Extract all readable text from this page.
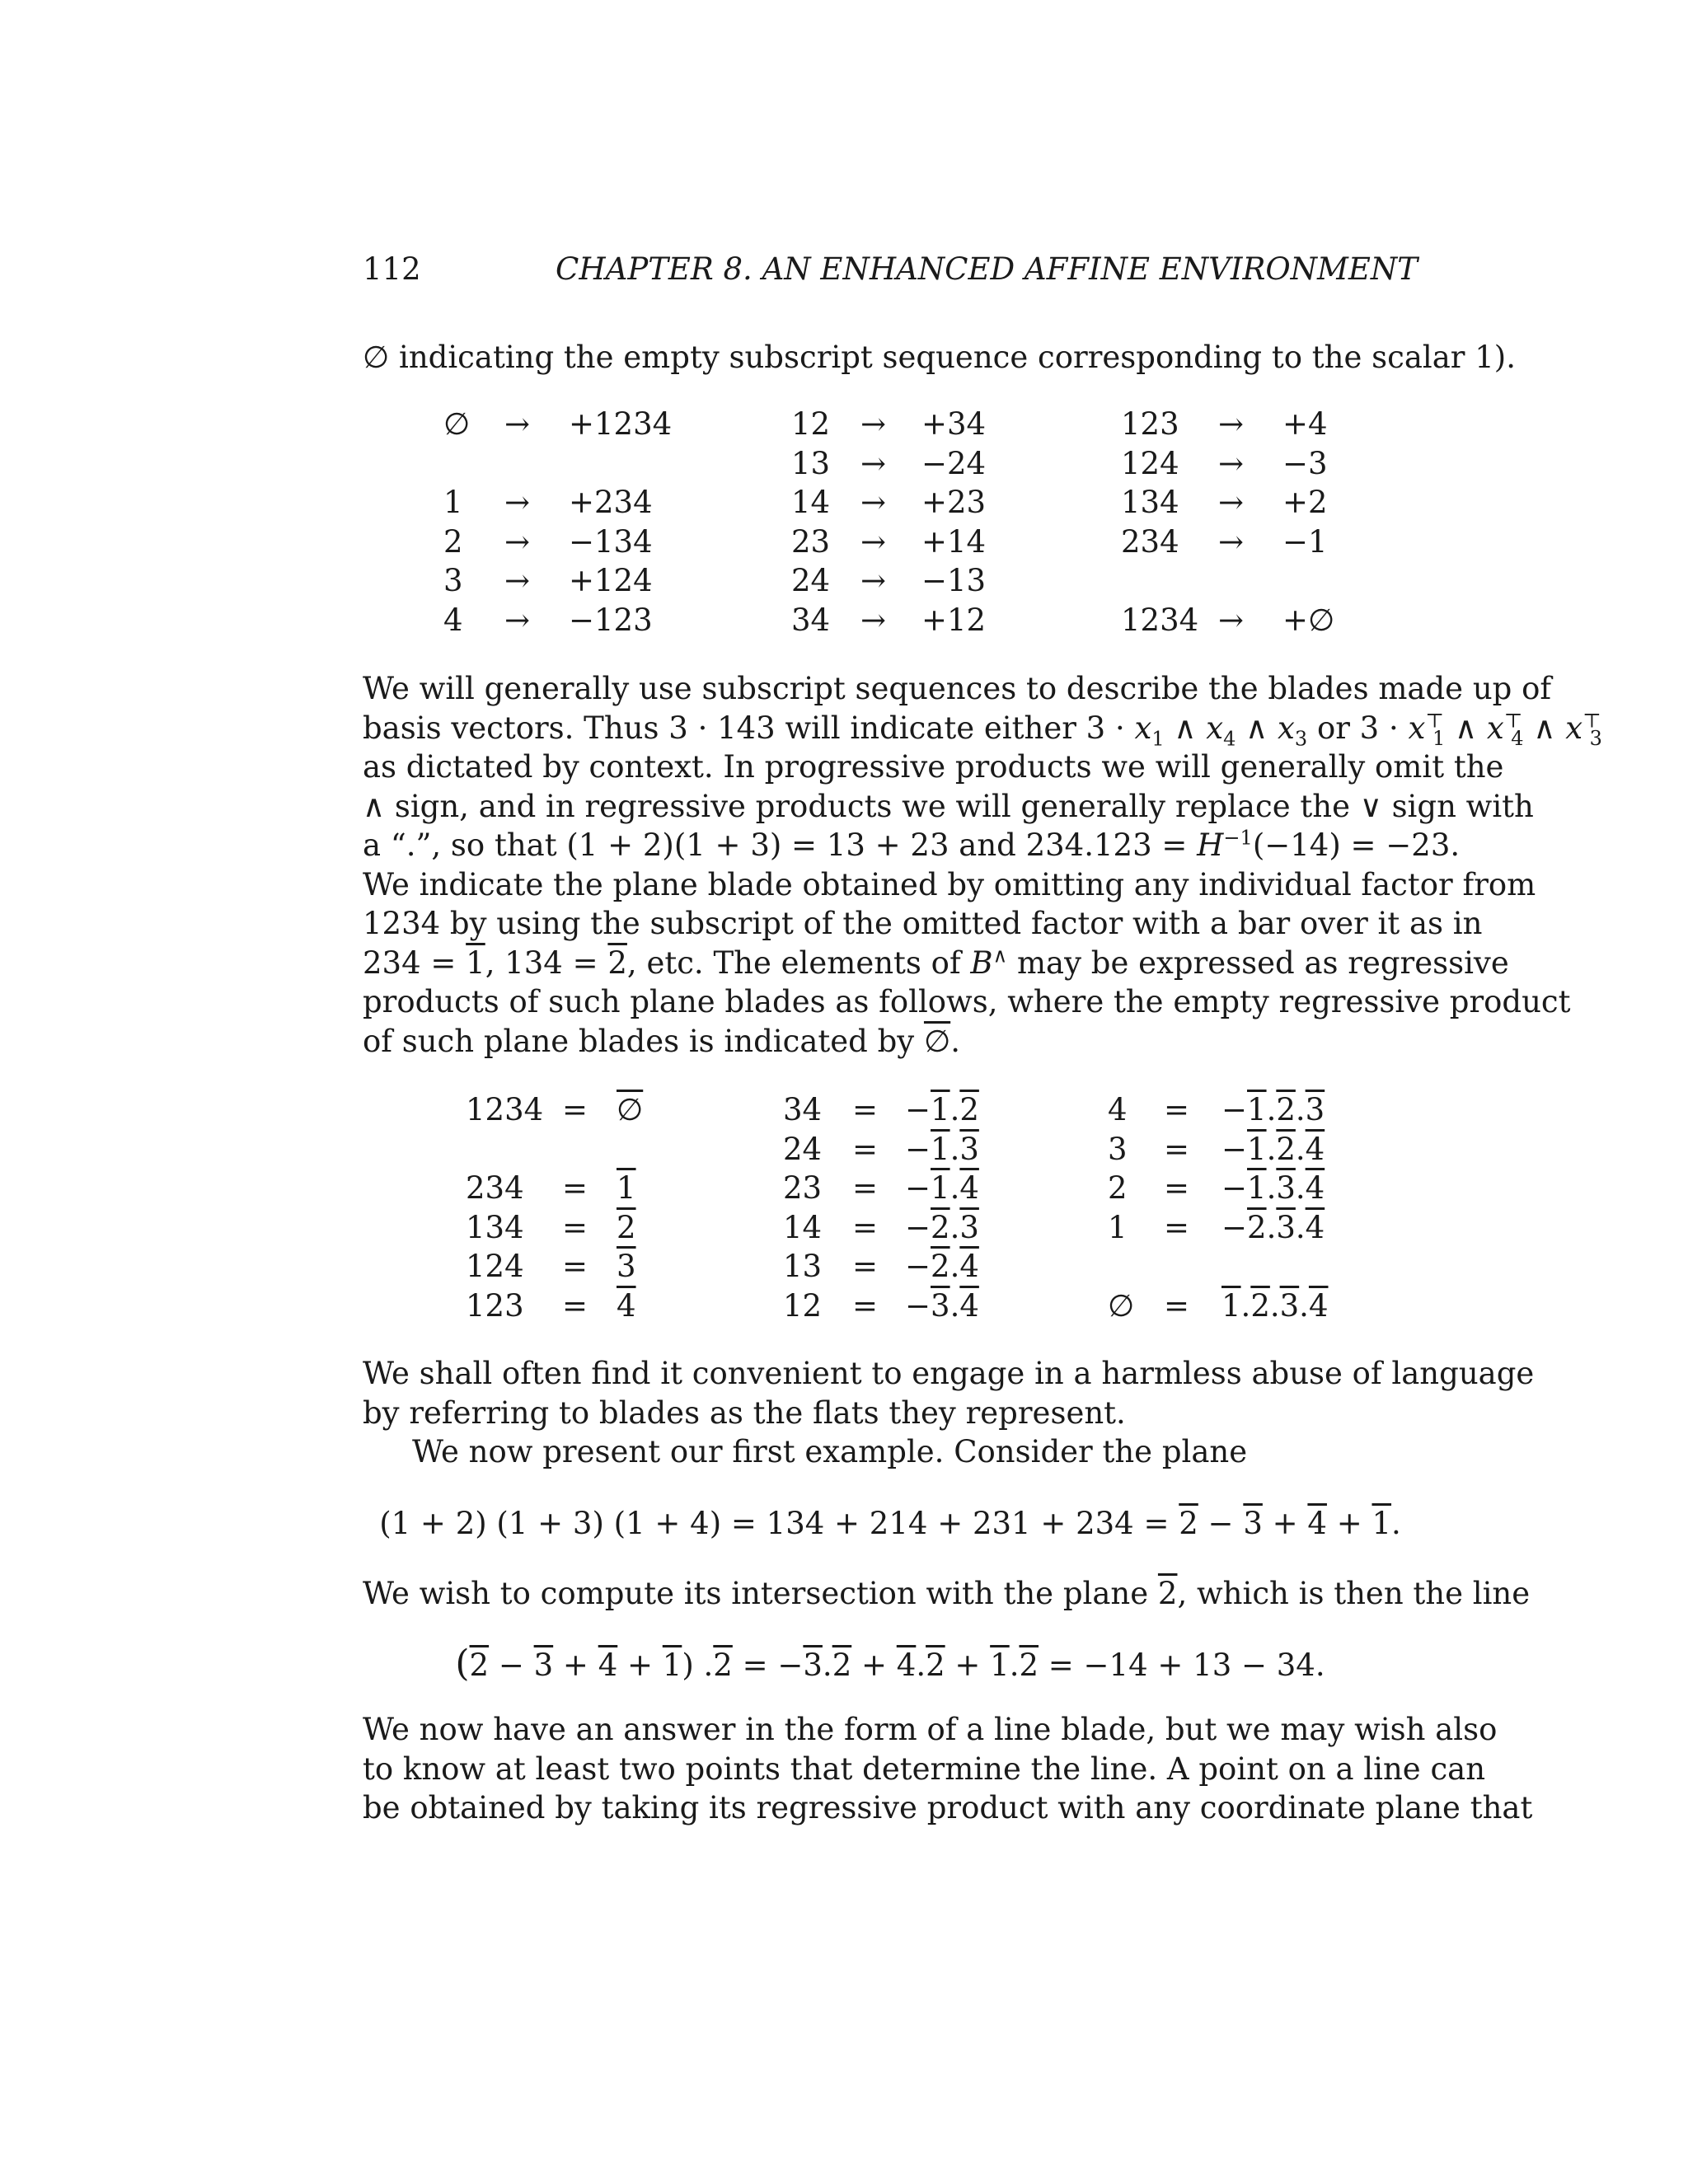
112	CHAPTER 8. AN ENHANCED AFFINE ENVIRONMENT
∅ indicating the empty subscript sequence corresponding to the scalar 1).
∅ → +1234
1 → +234
2 → −134
3 → +124
4 → −123
12 → +34
13 → −24
14 → +23
23 → +14
24 → −13
34 → +12
123 → +4
124 → −3
134 → +2
234 → −1
1234 → +∅
We will generally use subscript sequences to describe the blades made up of
basis vectors. Thus 3 · 143 will indicate either $3 \cdot x_1$ ∧ $x_4$ ∧ $x_3$ or $3 \cdot x^⊤_1$ ∧ $x^⊤_4$ ∧ $x^⊤_3$
as dictated by context. In progressive products we will generally omit the
∧ sign, and in regressive products we will generally replace the ∨ sign with
a “.”, so that (1 + 2)(1 + 3) = 13 + 23 and $234.123 = H^{-1}(-14) = -23$.
We indicate the plane blade obtained by omitting any individual factor from
1234 by using the subscript of the omitted factor with a bar over it as in
234 = 1, 134 = 2, etc. The elements of B∧ may be expressed as regressive
products of such plane blades as follows, where the empty regressive product
of such plane blades is indicated by ∅.
1234 = ∅
234 = 1
134 = 2
124 = 3
123 = 4
34 = −1.2
24 = −1.3
23 = −1.4
14 = −2.3
13 = −2.4
12 = −3.4
4 = −1.2.3
3 = −1.2.4
2 = −1.3.4
1 = −2.3.4
∅ = 1.2.3.4
We shall often find it convenient to engage in a harmless abuse of language
by referring to blades as the flats they represent.
We now present our first example. Consider the plane
(1 + 2) (1 + 3) (1 + 4) = 134 + 214 + 231 + 234 = 2 − 3 + 4 + 1.
We wish to compute its intersection with the plane 2, which is then the line
(2 − 3 + 4 + 1) .2 = −3.2 + 4.2 + 1.2 = −14 + 13 − 34.
We now have an answer in the form of a line blade, but we may wish also
to know at least two points that determine the line. A point on a line can
be obtained by taking its regressive product with any coordinate plane that
